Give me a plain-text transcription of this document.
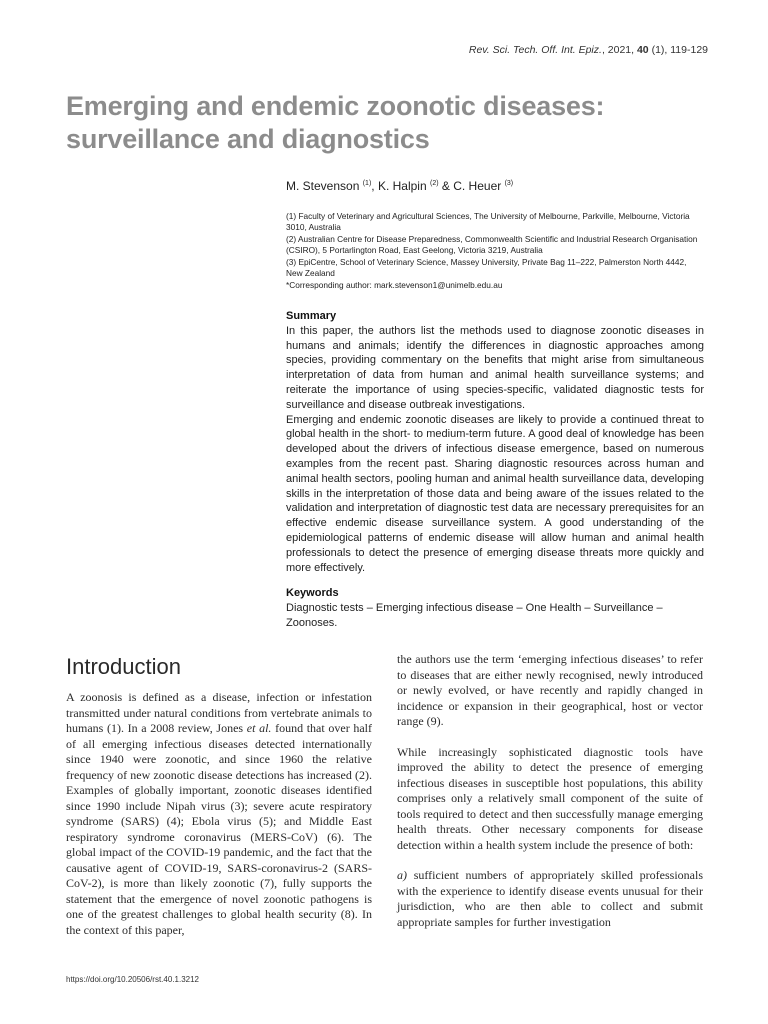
Rev. Sci. Tech. Off. Int. Epiz., 2021, 40 (1), 119-129
Emerging and endemic zoonotic diseases:
surveillance and diagnostics
M. Stevenson $^{(1)}$, K. Halpin $^{(2)}$ & C. Heuer $^{(3)}$

(1) Faculty of Veterinary and Agricultural Sciences, The University of Melbourne, Parkville, Melbourne, Victoria 3010, Australia

(2) Australian Centre for Disease Preparedness, Commonwealth Scientific and Industrial Research Organisation (CSIRO), 5 Portarlington Road, East Geelong, Victoria 3219, Australia

(3) EpiCentre, School of Veterinary Science, Massey University, Private Bag 11–222, Palmerston North 4442, New Zealand

*Corresponding author: mark.stevenson1@unimelb.edu.au

Summary

In this paper, the authors list the methods used to diagnose zoonotic diseases in humans and animals; identify the differences in diagnostic approaches among species, providing commentary on the benefits that might arise from simultaneous interpretation of data from human and animal health surveillance systems; and reiterate the importance of using species-specific, validated diagnostic tests for surveillance and disease outbreak investigations.

Emerging and endemic zoonotic diseases are likely to provide a continued threat to global health in the short- to medium-term future. A good deal of knowledge has been developed about the drivers of infectious disease emergence, based on numerous examples from the recent past. Sharing diagnostic resources across human and animal health sectors, pooling human and animal health surveillance data, developing skills in the interpretation of those data and being aware of the issues related to the validation and interpretation of diagnostic test data are necessary prerequisites for an effective endemic disease surveillance system. A good understanding of the epidemiological patterns of endemic disease will allow human and animal health professionals to detect the presence of emerging disease threats more quickly and more effectively.

Keywords

Diagnostic tests – Emerging infectious disease – One Health – Surveillance – Zoonoses.

Introduction

A zoonosis is defined as a disease, infection or infestation transmitted under natural conditions from vertebrate animals to humans (1). In a 2008 review, Jones et al. found that over half of all emerging infectious diseases detected internationally since 1940 were zoonotic, and since 1960 the relative frequency of new zoonotic disease detections has increased (2). Examples of globally important, zoonotic diseases identified since 1990 include Nipah virus (3); severe acute respiratory syndrome (SARS) (4); Ebola virus (5); and Middle East respiratory syndrome coronavirus (MERS-CoV) (6). The global impact of the COVID-19 pandemic, and the fact that the causative agent of COVID-19, SARS-coronavirus-2 (SARS-CoV-2), is more than likely zoonotic (7), fully supports the statement that the emergence of novel zoonotic pathogens is one of the greatest challenges to global health security (8). In the context of this paper,

the authors use the term ‘emerging infectious diseases’ to refer to diseases that are either newly recognised, newly introduced or newly evolved, or have recently and rapidly changed in incidence or expansion in their geographical, host or vector range (9).

While increasingly sophisticated diagnostic tools have improved the ability to detect the presence of emerging infectious diseases in susceptible host populations, this ability comprises only a relatively small component of the suite of tools required to detect and then successfully manage emerging health threats. Other necessary components for disease detection within a health system include the presence of both:

a) sufficient numbers of appropriately skilled professionals with the experience to identify disease events unusual for their jurisdiction, who are then able to collect and submit appropriate samples for further investigation

https://doi.org/10.20506/rst.40.1.3212
